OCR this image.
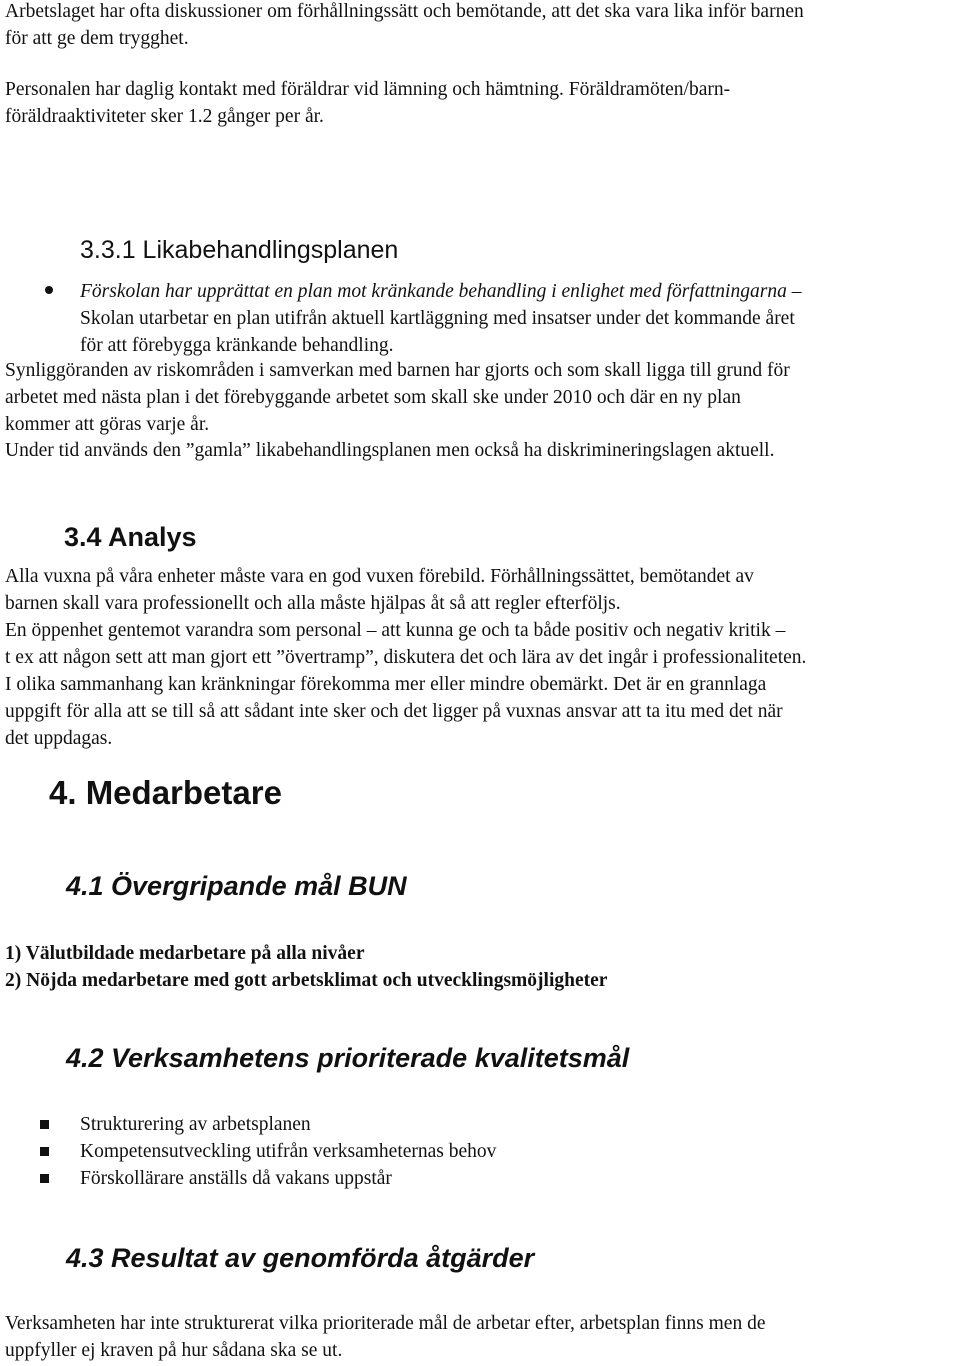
Arbetslaget har ofta diskussioner om förhållningssätt och bemötande, att det ska vara lika inför barnen
för att ge dem trygghet.

Personalen har daglig kontakt med föräldrar vid lämning och hämtning. Föräldramöten/barn-
föräldraaktiviteter sker 1.2 gånger per år.

3.3.1 Likabehandlingsplanen

Förskolan har upprättat en plan mot kränkande behandling i enlighet med författningarna –
Skolan utarbetar en plan utifrån aktuell kartläggning med insatser under det kommande året
för att förebygga kränkande behandling.

Synliggöranden av riskområden i samverkan med barnen har gjorts och som skall ligga till grund för
arbetet med nästa plan i det förebyggande arbetet som skall ske under 2010 och där en ny plan
kommer att göras varje år.

Under tid används den ”gamla” likabehandlingsplanen men också ha diskrimineringslagen aktuell.

3.4 Analys

Alla vuxna på våra enheter måste vara en god vuxen förebild. Förhållningssättet, bemötandet av
barnen skall vara professionellt och alla måste hjälpas åt så att regler efterföljs.

En öppenhet gentemot varandra som personal – att kunna ge och ta både positiv och negativ kritik –
t ex att någon sett att man gjort ett ”övertramp”, diskutera det och lära av det ingår i professionaliteten.

I olika sammanhang kan kränkningar förekomma mer eller mindre obemärkt. Det är en grannlaga
uppgift för alla att se till så att sådant inte sker och det ligger på vuxnas ansvar att ta itu med det när
det uppdagas.

4. Medarbetare
4.1 Övergripande mål BUN

1) Välutbildade medarbetare på alla nivåer
2) Nöjda medarbetare med gott arbetsklimat och utvecklingsmöjligheter

4.2 Verksamhetens prioriterade kvalitetsmål
Strukturering av arbetsplanen
Kompetensutveckling utifrån verksamheternas behov
Förskollärare anställs då vakans uppstår
4.3 Resultat av genomförda åtgärder

Verksamheten har inte strukturerat vilka prioriterade mål de arbetar efter, arbetsplan finns men de
uppfyller ej kraven på hur sådana ska se ut.
